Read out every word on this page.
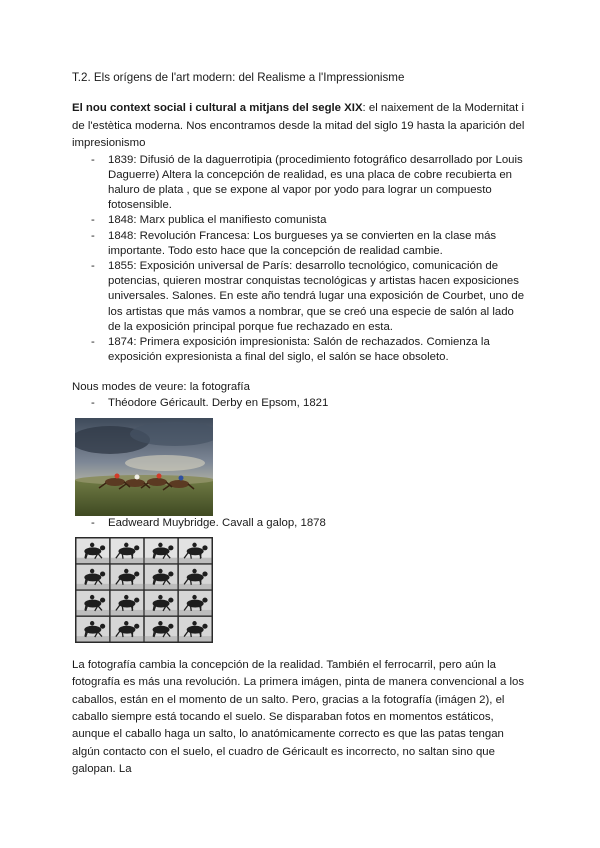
T.2. Els orígens de l'art modern: del Realisme a l'Impressionisme

El nou context social i cultural a mitjans del segle XIX: el naixement de la Modernitat i de l'estètica moderna. Nos encontramos desde la mitad del siglo 19 hasta la aparición del impresionismo

- 1839: Difusió de la daguerrotipia (procedimiento fotográfico desarrollado por Louis Daguerre) Altera la concepción de realidad, es una placa de cobre recubierta en haluro de plata , que se expone al vapor por yodo para lograr un compuesto fotosensible.
- 1848: Marx publica el manifiesto comunista
- 1848: Revolución Francesa: Los burgueses ya se convierten en la clase más importante. Todo esto hace que la concepción de realidad cambie.
- 1855: Exposición universal de París: desarrollo tecnológico, comunicación de potencias, quieren mostrar conquistas tecnológicas y artistas hacen exposiciones universales. Salones. En este año tendrá lugar una exposición de Courbet, uno de los artistas que más vamos a nombrar, que se creó una especie de salón al lado de la exposición principal porque fue rechazado en esta.
- 1874: Primera exposición impresionista: Salón de rechazados. Comienza la exposición expresionista a final del siglo, el salón se hace obsoleto.

Nous modes de veure: la fotografía

- Théodore Géricault. Derby en Epsom, 1821
- Eadweard Muybridge. Cavall a galop, 1878

La fotografía cambia la concepción de la realidad. También el ferrocarril, pero aún la fotografía es más una revolución. La primera imágen, pinta de manera convencional a los caballos, están en el momento de un salto. Pero, gracias a la fotografía (imágen 2), el caballo siempre está tocando el suelo. Se disparaban fotos en momentos estáticos, aunque el caballo haga un salto, lo anatómicamente correcto es que las patas tengan algún contacto con el suelo, el cuadro de Géricault es incorrecto, no saltan sino que galopan. La
